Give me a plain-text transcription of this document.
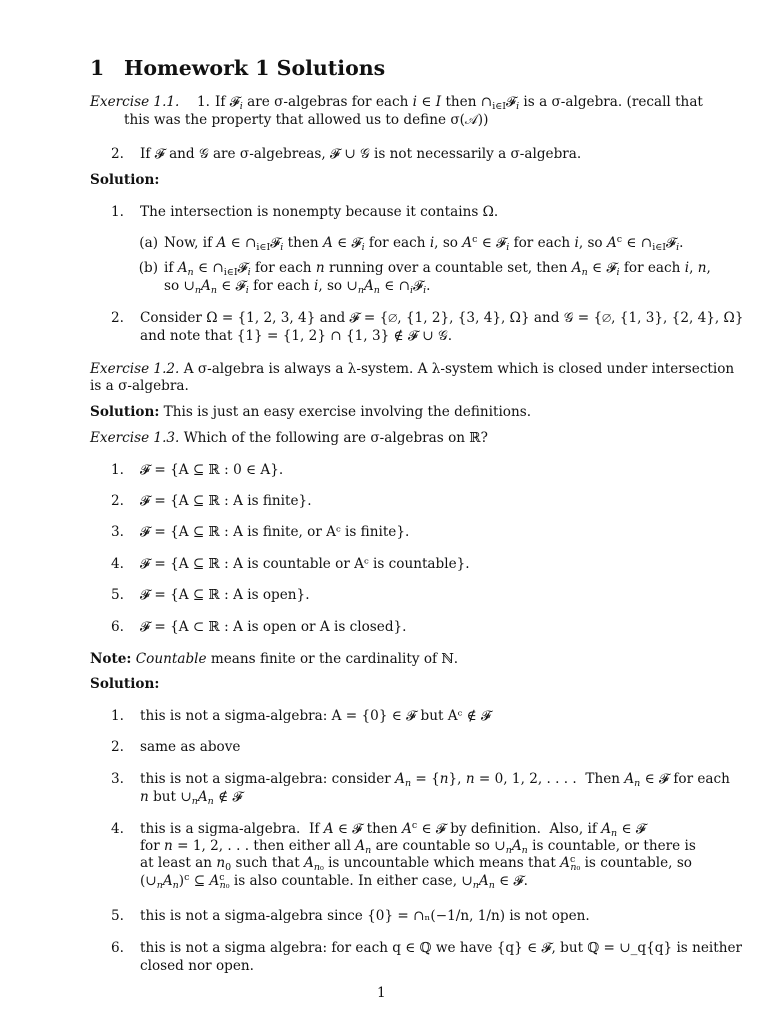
1 Homework 1 Solutions
Exercise 1.1. 1. If 𝓕$_i$ are σ-algebras for each i ∈ I then $\cap_{i\in I}𝓕_i$ is a σ-algebra. (recall that
this was the property that allowed us to define σ(𝒜))
2. If 𝓕 and 𝒢 are σ-algebreas, 𝓕 ∪ 𝒢 is not necessarily a σ-algebra.
Solution:
1. The intersection is nonempty because it contains Ω.
(a) Now, if A ∈ $\cap_{i\in I}𝓕_i$ then A ∈ 𝓕$_i$ for each i, so $A^c$ ∈ 𝓕$_i$ for each i, so $A^c$ ∈ $\cap_{i\in I}𝓕_i$.
(b) if $A_n$ ∈ $\cap_{i\in I}𝓕_i$ for each n running over a countable set, then $A_n$ ∈ 𝓕$_i$ for each i, n,
so $\cup_nA_n$ ∈ 𝓕$_i$ for each i, so $\cup_nA_n$ ∈ $\cap_i𝓕_i$.
2. Consider Ω = {1, 2, 3, 4} and 𝓕 = {∅, {1, 2}, {3, 4}, Ω} and 𝒢 = {∅, {1, 3}, {2, 4}, Ω}
and note that {1} = {1, 2} ∩ {1, 3} ∉ 𝓕 ∪ 𝒢.
Exercise 1.2. A σ-algebra is always a λ-system. A λ-system which is closed under intersection
is a σ-algebra.
Solution: This is just an easy exercise involving the definitions.
Exercise 1.3. Which of the following are σ-algebras on ℝ?
1. 𝓕 = {A ⊆ ℝ : 0 ∈ A}.
2. 𝓕 = {A ⊆ ℝ : A is finite}.
3. 𝓕 = {A ⊆ ℝ : A is finite, or Aᶜ is finite}.
4. 𝓕 = {A ⊆ ℝ : A is countable or Aᶜ is countable}.
5. 𝓕 = {A ⊆ ℝ : A is open}.
6. 𝓕 = {A ⊂ ℝ : A is open or A is closed}.
Note: Countable means finite or the cardinality of ℕ.
Solution:
1. this is not a sigma-algebra: A = {0} ∈ 𝓕 but Aᶜ ∉ 𝓕
2. same as above
3. this is not a sigma-algebra: consider $A_n = \{n\}$, n = 0, 1, 2, . . . .  Then $A_n$ ∈ 𝓕 for each
n but $\cup_nA_n$ ∉ 𝓕
4. this is a sigma-algebra.  If A ∈ 𝓕 then $A^c$ ∈ 𝓕 by definition.  Also, if $A_n$ ∈ 𝓕
for n = 1, 2, . . . then either all $A_n$ are countable so $\cup_nA_n$ is countable, or there is
at least an $n_0$ such that $A_{n_0}$ is uncountable which means that $A^c_{n_0}$ is countable, so
$(\cup_nA_n)^c$ ⊆ $A^c_{n_0}$ is also countable. In either case, $\cup_nA_n$ ∈ 𝓕.
5. this is not a sigma-algebra since {0} = ∩ₙ(−1/n, 1/n) is not open.
6. this is not a sigma algebra: for each q ∈ ℚ we have {q} ∈ 𝓕, but ℚ = ∪_q{q} is neither
closed nor open.
1
